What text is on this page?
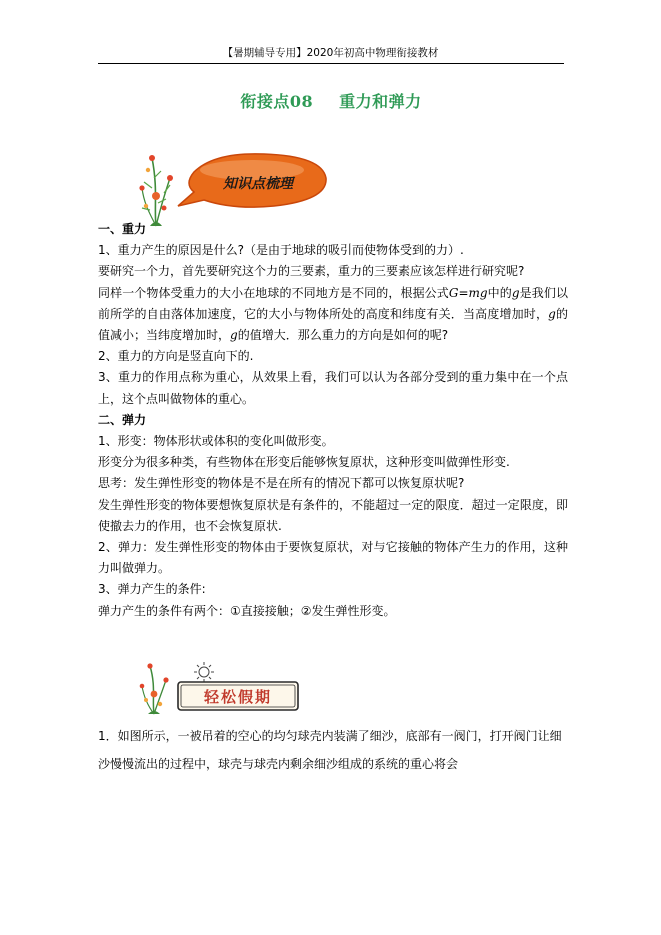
【暑期辅导专用】2020年初高中物理衔接教材
衔接点08 重力和弹力
知识点梳理

一、重力

1、重力产生的原因是什么?（是由于地球的吸引而使物体受到的力）.

要研究一个力，首先要研究这个力的三要素，重力的三要素应该怎样进行研究呢?

同样一个物体受重力的大小在地球的不同地方是不同的，根据公式G=mg中的g是我们以前所学的自由落体加速度，它的大小与物体所处的高度和纬度有关．当高度增加时，g的值减小；当纬度增加时，g的值增大．那么重力的方向是如何的呢?

2、重力的方向是竖直向下的.

3、重力的作用点称为重心，从效果上看，我们可以认为各部分受到的重力集中在一个点上，这个点叫做物体的重心。

二、弹力

1、形变：物体形状或体积的变化叫做形变。

形变分为很多种类，有些物体在形变后能够恢复原状，这种形变叫做弹性形变.

思考：发生弹性形变的物体是不是在所有的情况下都可以恢复原状呢?

发生弹性形变的物体要想恢复原状是有条件的，不能超过一定的限度．超过一定限度，即使撤去力的作用，也不会恢复原状.

2、弹力：发生弹性形变的物体由于要恢复原状，对与它接触的物体产生力的作用，这种力叫做弹力。

3、弹力产生的条件:

弹力产生的条件有两个：①直接接触；②发生弹性形变。

轻松假期

1．如图所示，一被吊着的空心的均匀球壳内装满了细沙，底部有一阀门，打开阀门让细沙慢慢流出的过程中，球壳与球壳内剩余细沙组成的系统的重心将会
